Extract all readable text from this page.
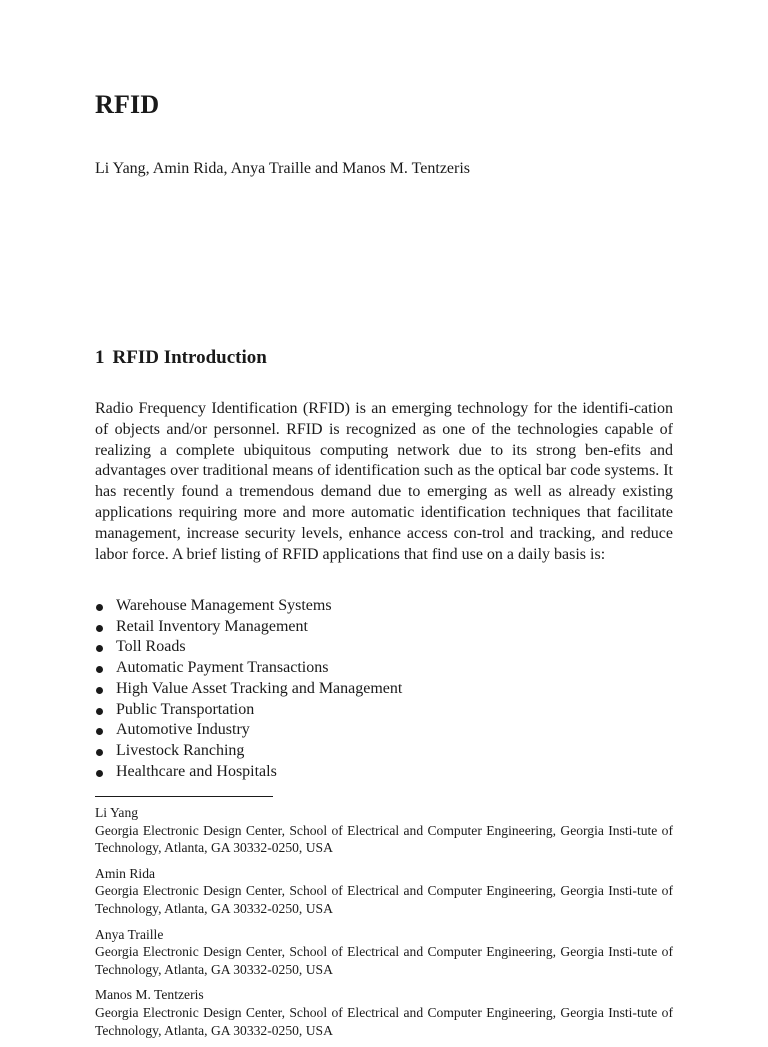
RFID
Li Yang, Amin Rida, Anya Traille and Manos M. Tentzeris
1 RFID Introduction

Radio Frequency Identification (RFID) is an emerging technology for the identifi-cation of objects and/or personnel. RFID is recognized as one of the technologies capable of realizing a complete ubiquitous computing network due to its strong ben-efits and advantages over traditional means of identification such as the optical bar code systems. It has recently found a tremendous demand due to emerging as well as already existing applications requiring more and more automatic identification techniques that facilitate management, increase security levels, enhance access con-trol and tracking, and reduce labor force. A brief listing of RFID applications that find use on a daily basis is:

Warehouse Management Systems
Retail Inventory Management
Toll Roads
Automatic Payment Transactions
High Value Asset Tracking and Management
Public Transportation
Automotive Industry
Livestock Ranching
Healthcare and Hospitals
Li Yang
Georgia Electronic Design Center, School of Electrical and Computer Engineering, Georgia Insti-tute of Technology, Atlanta, GA 30332-0250, USA
Amin Rida
Georgia Electronic Design Center, School of Electrical and Computer Engineering, Georgia Insti-tute of Technology, Atlanta, GA 30332-0250, USA
Anya Traille
Georgia Electronic Design Center, School of Electrical and Computer Engineering, Georgia Insti-tute of Technology, Atlanta, GA 30332-0250, USA
Manos M. Tentzeris
Georgia Electronic Design Center, School of Electrical and Computer Engineering, Georgia Insti-tute of Technology, Atlanta, GA 30332-0250, USA
